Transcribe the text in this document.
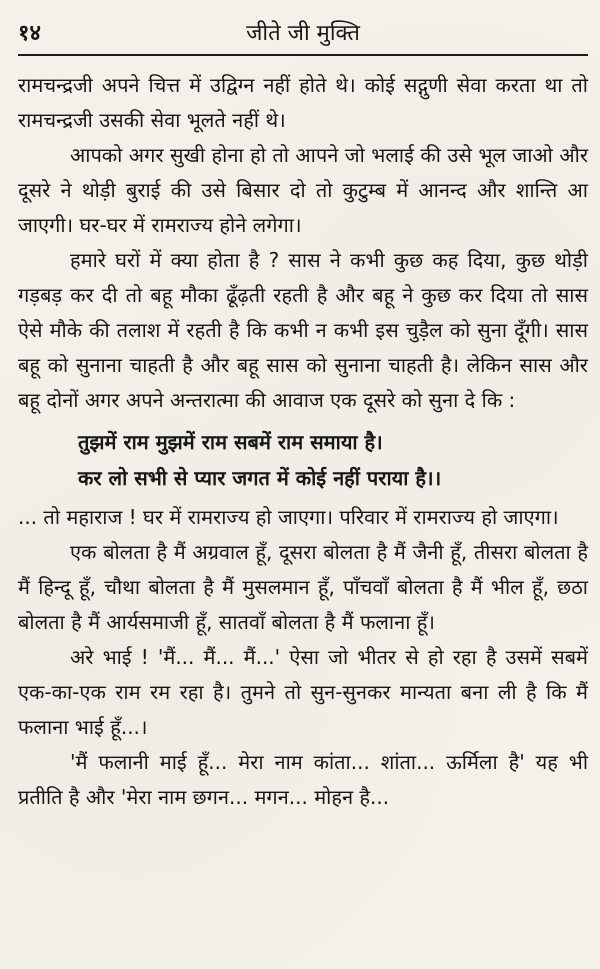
१४	जीते जी मुक्ति

रामचन्द्रजी अपने चित्त में उद्विग्न नहीं होते थे। कोई सद्गुणी सेवा करता था तो रामचन्द्रजी उसकी सेवा भूलते नहीं थे।

आपको अगर सुखी होना हो तो आपने जो भलाई की उसे भूल जाओ और दूसरे ने थोड़ी बुराई की उसे बिसार दो तो कुटुम्ब में आनन्द और शान्ति आ जाएगी। घर-घर में रामराज्य होने लगेगा।

हमारे घरों में क्या होता है ? सास ने कभी कुछ कह दिया, कुछ थोड़ी गड़बड़ कर दी तो बहू मौका ढूँढ़ती रहती है और बहू ने कुछ कर दिया तो सास ऐसे मौके की तलाश में रहती है कि कभी न कभी इस चुड़ैल को सुना दूँगी। सास बहू को सुनाना चाहती है और बहू सास को सुनाना चाहती है। लेकिन सास और बहू दोनों अगर अपने अन्तरात्मा की आवाज एक दूसरे को सुना दे कि :

तुझमें राम मुझमें राम सबमें राम समाया है।
कर लो सभी से प्यार जगत में कोई नहीं पराया है।।

... तो महाराज ! घर में रामराज्य हो जाएगा। परिवार में रामराज्य हो जाएगा।

एक बोलता है मैं अग्रवाल हूँ, दूसरा बोलता है मैं जैनी हूँ, तीसरा बोलता है मैं हिन्दू हूँ, चौथा बोलता है मैं मुसलमान हूँ, पाँचवाँ बोलता है मैं भील हूँ, छठा बोलता है मैं आर्यसमाजी हूँ, सातवाँ बोलता है मैं फलाना हूँ।

अरे भाई ! 'मैं... मैं... मैं...' ऐसा जो भीतर से हो रहा है उसमें सबमें एक-का-एक राम रम रहा है। तुमने तो सुन-सुनकर मान्यता बना ली है कि मैं फलाना भाई हूँ...।

'मैं फलानी माई हूँ... मेरा नाम कांता... शांता... ऊर्मिला है' यह भी प्रतीति है और 'मेरा नाम छगन... मगन... मोहन है...
